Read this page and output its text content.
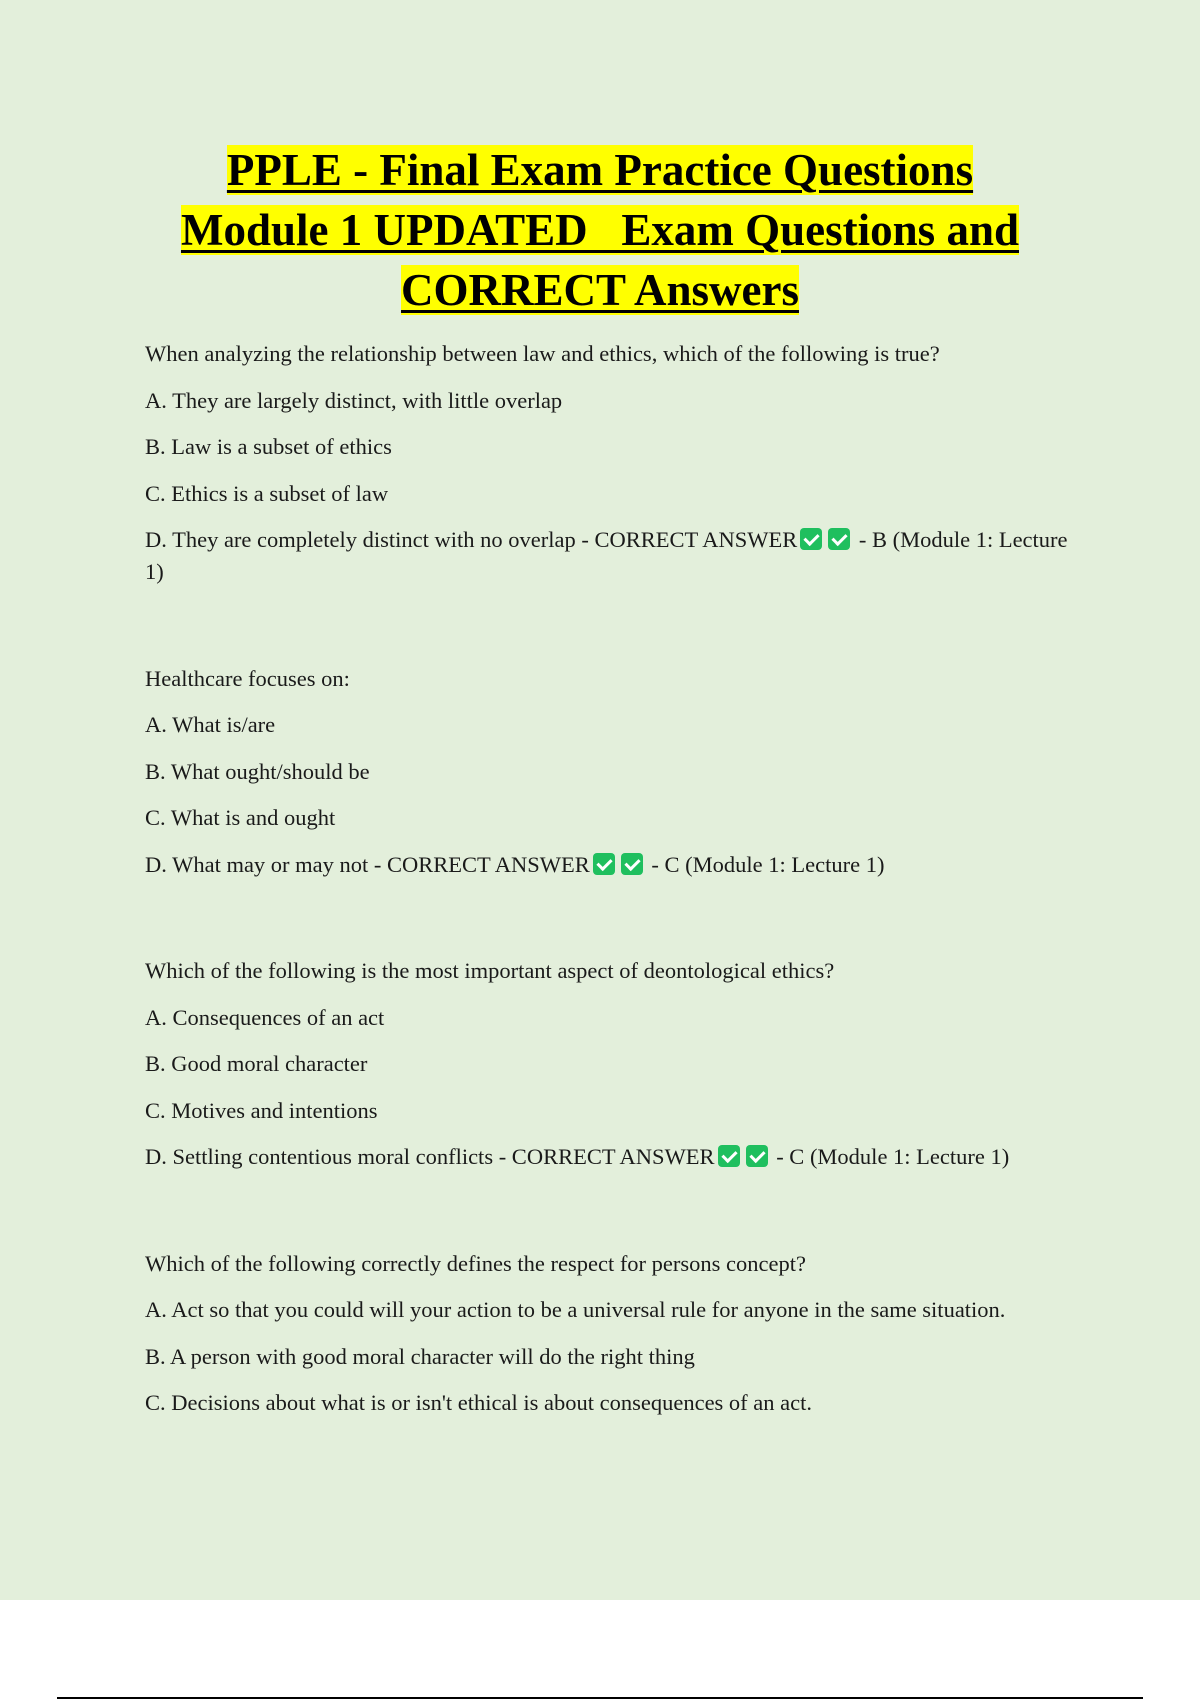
PPLE - Final Exam Practice Questions
Module 1 UPDATED   Exam Questions and
CORRECT Answers

When analyzing the relationship between law and ethics, which of the following is true?

A. They are largely distinct, with little overlap

B. Law is a subset of ethics

C. Ethics is a subset of law

D. They are completely distinct with no overlap - CORRECT ANSWER - B (Module 1: Lecture 1)

Healthcare focuses on:

A. What is/are

B. What ought/should be

C. What is and ought

D. What may or may not - CORRECT ANSWER - C (Module 1: Lecture 1)

Which of the following is the most important aspect of deontological ethics?

A. Consequences of an act

B. Good moral character

C. Motives and intentions

D. Settling contentious moral conflicts - CORRECT ANSWER - C (Module 1: Lecture 1)

Which of the following correctly defines the respect for persons concept?

A. Act so that you could will your action to be a universal rule for anyone in the same situation.

B. A person with good moral character will do the right thing

C. Decisions about what is or isn't ethical is about consequences of an act.
